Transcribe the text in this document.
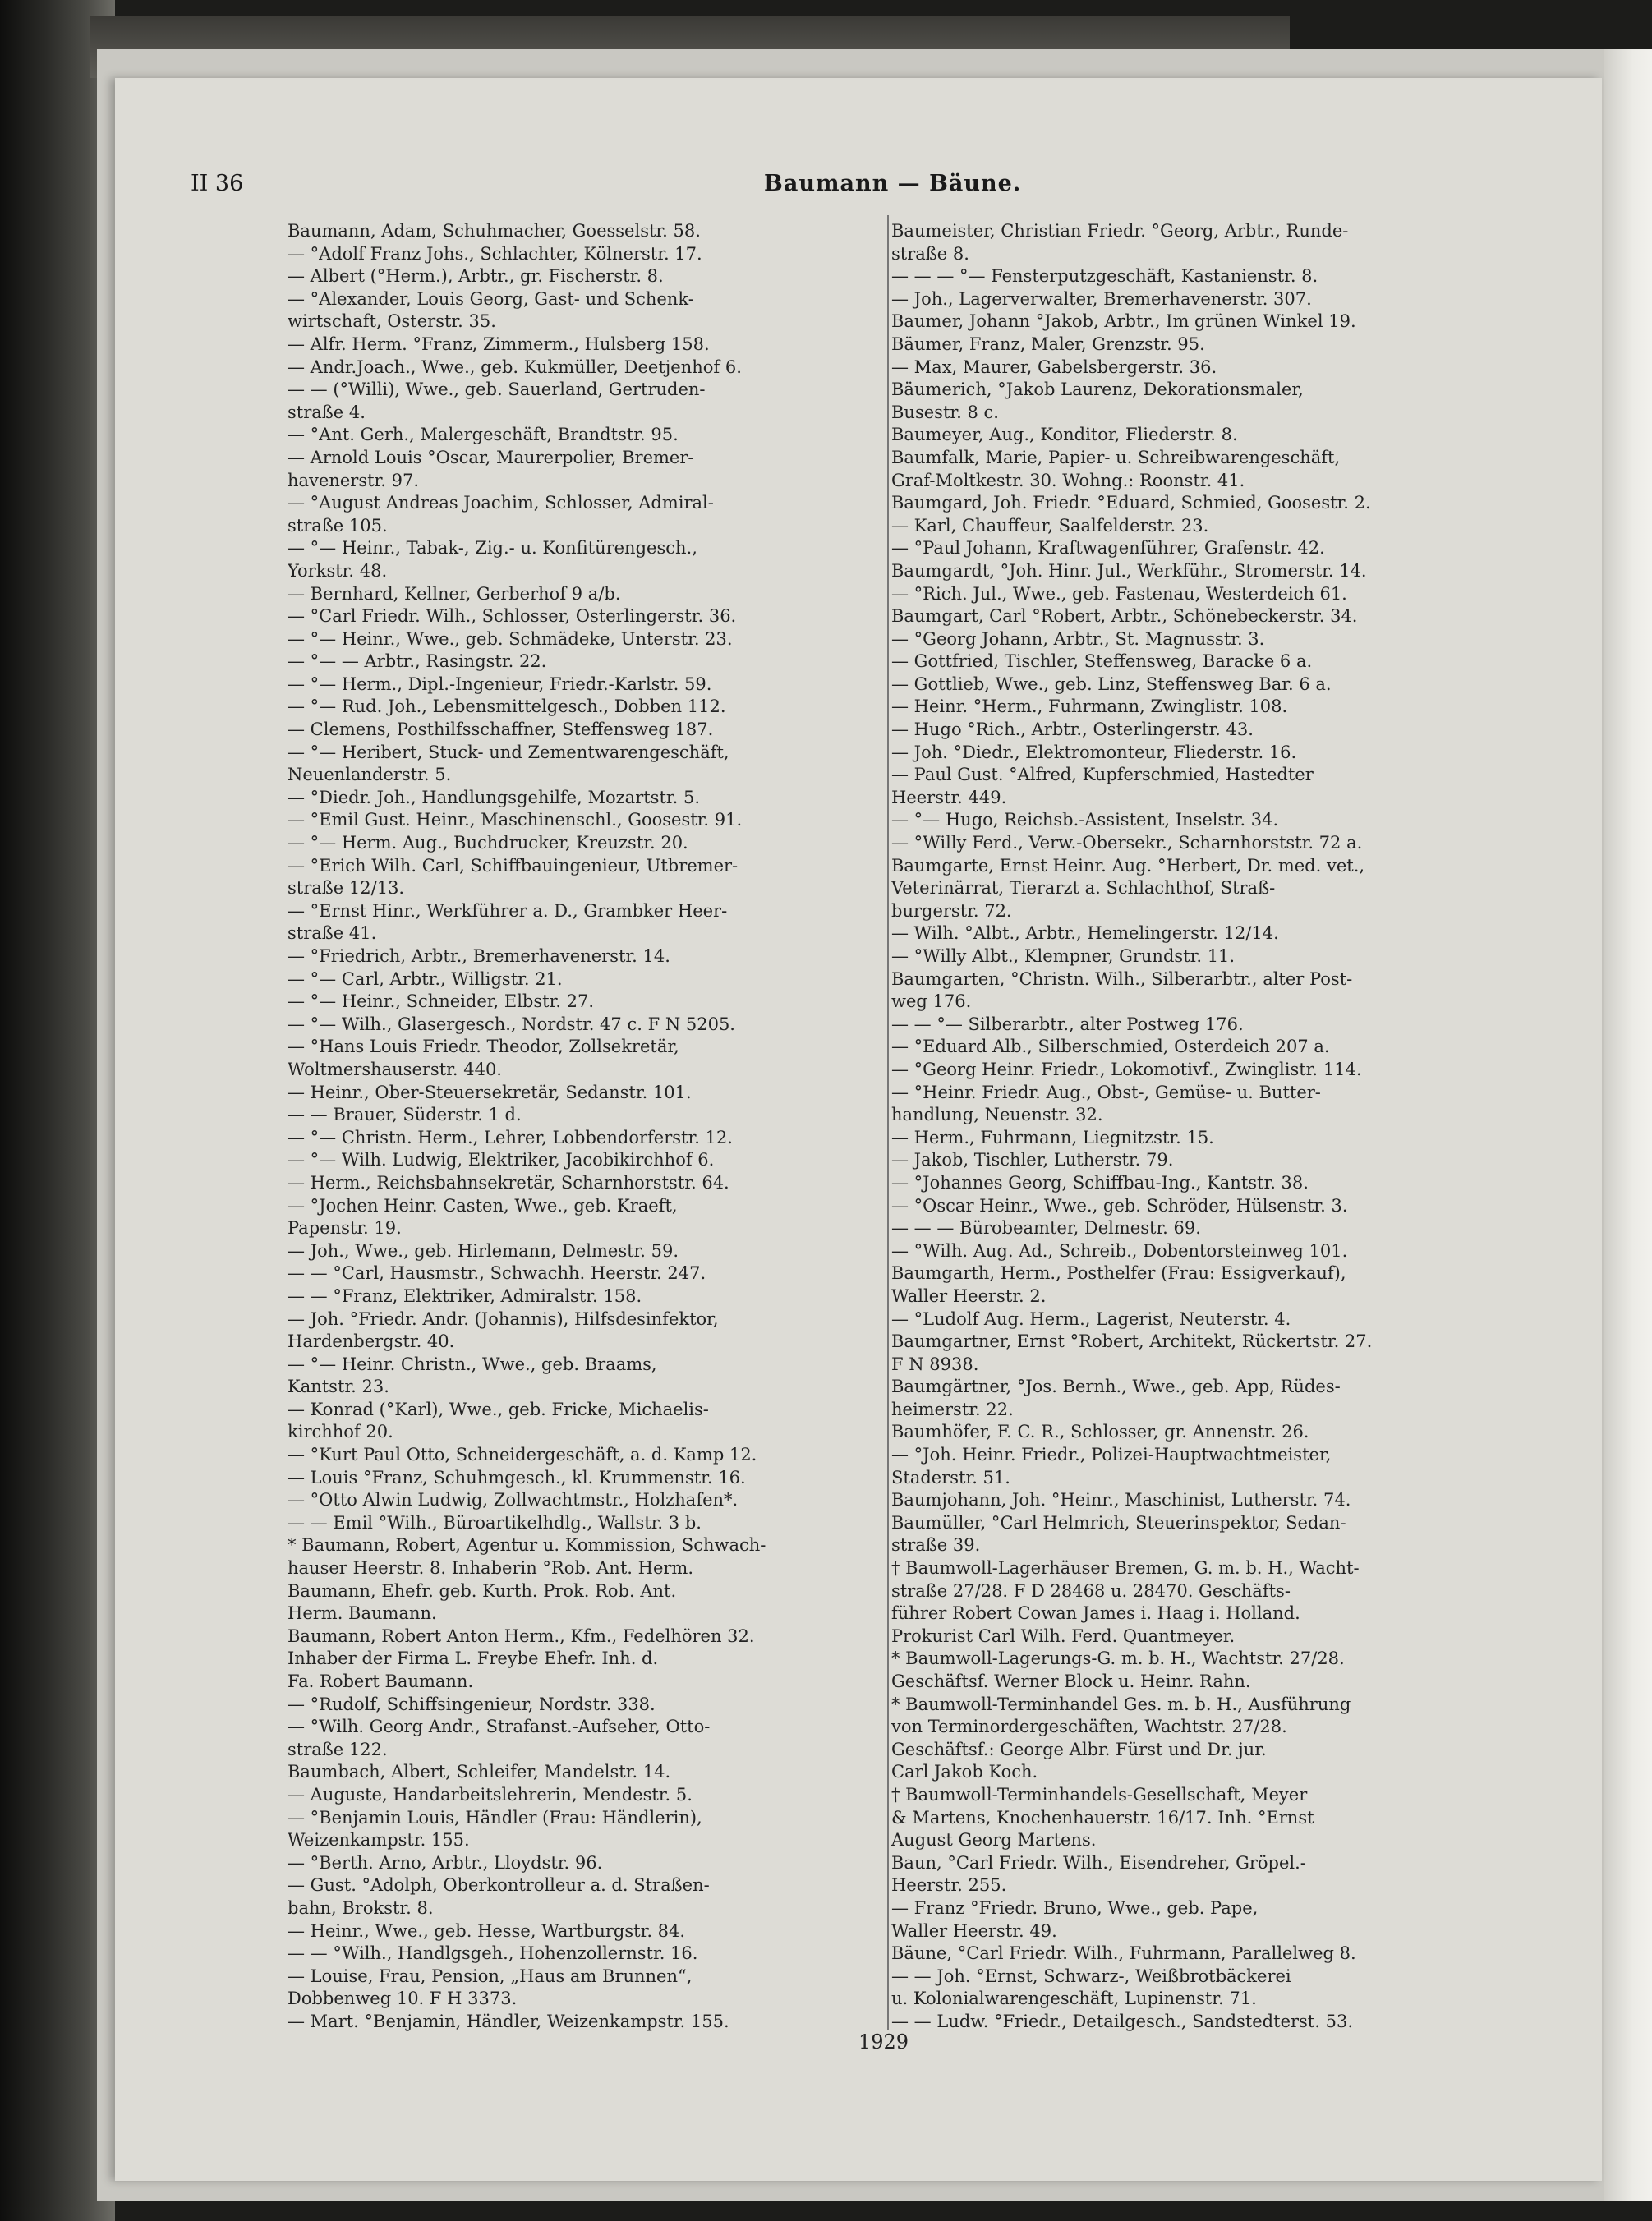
II 36	Baumann — Bäune.
Baumann, Adam, Schuhmacher, Goesselstr. 58.
— °Adolf Franz Johs., Schlachter, Kölnerstr. 17.
— Albert (°Herm.), Arbtr., gr. Fischerstr. 8.
— °Alexander, Louis Georg, Gast- und Schenk-
wirtschaft, Osterstr. 35.
— Alfr. Herm. °Franz, Zimmerm., Hulsberg 158.
— Andr.Joach., Wwe., geb. Kukmüller, Deetjenhof 6.
— — (°Willi), Wwe., geb. Sauerland, Gertruden-
straße 4.
— °Ant. Gerh., Malergeschäft, Brandtstr. 95.
— Arnold Louis °Oscar, Maurerpolier, Bremer-
havenerstr. 97.
— °August Andreas Joachim, Schlosser, Admiral-
straße 105.
— °— Heinr., Tabak-, Zig.- u. Konfitürengesch.,
Yorkstr. 48.
— Bernhard, Kellner, Gerberhof 9 a/b.
— °Carl Friedr. Wilh., Schlosser, Osterlingerstr. 36.
— °— Heinr., Wwe., geb. Schmädeke, Unterstr. 23.
— °— — Arbtr., Rasingstr. 22.
— °— Herm., Dipl.-Ingenieur, Friedr.-Karlstr. 59.
— °— Rud. Joh., Lebensmittelgesch., Dobben 112.
— Clemens, Posthilfsschaffner, Steffensweg 187.
— °— Heribert, Stuck- und Zementwarengeschäft,
Neuenlanderstr. 5.
— °Diedr. Joh., Handlungsgehilfe, Mozartstr. 5.
— °Emil Gust. Heinr., Maschinenschl., Goosestr. 91.
— °— Herm. Aug., Buchdrucker, Kreuzstr. 20.
— °Erich Wilh. Carl, Schiffbauingenieur, Utbremer-
straße 12/13.
— °Ernst Hinr., Werkführer a. D., Grambker Heer-
straße 41.
— °Friedrich, Arbtr., Bremerhavenerstr. 14.
— °— Carl, Arbtr., Willigstr. 21.
— °— Heinr., Schneider, Elbstr. 27.
— °— Wilh., Glasergesch., Nordstr. 47 c. F N 5205.
— °Hans Louis Friedr. Theodor, Zollsekretär,
Woltmershauserstr. 440.
— Heinr., Ober-Steuersekretär, Sedanstr. 101.
— — Brauer, Süderstr. 1 d.
— °— Christn. Herm., Lehrer, Lobbendorferstr. 12.
— °— Wilh. Ludwig, Elektriker, Jacobikirchhof 6.
— Herm., Reichsbahnsekretär, Scharnhorststr. 64.
— °Jochen Heinr. Casten, Wwe., geb. Kraeft,
Papenstr. 19.
— Joh., Wwe., geb. Hirlemann, Delmestr. 59.
— — °Carl, Hausmstr., Schwachh. Heerstr. 247.
— — °Franz, Elektriker, Admiralstr. 158.
— Joh. °Friedr. Andr. (Johannis), Hilfsdesinfektor,
Hardenbergstr. 40.
— °— Heinr. Christn., Wwe., geb. Braams,
Kantstr. 23.
— Konrad (°Karl), Wwe., geb. Fricke, Michaelis-
kirchhof 20.
— °Kurt Paul Otto, Schneidergeschäft, a. d. Kamp 12.
— Louis °Franz, Schuhmgesch., kl. Krummenstr. 16.
— °Otto Alwin Ludwig, Zollwachtmstr., Holzhafen*.
— — Emil °Wilh., Büroartikelhdlg., Wallstr. 3 b.
* Baumann, Robert, Agentur u. Kommission, Schwach-
hauser Heerstr. 8. Inhaberin °Rob. Ant. Herm.
Baumann, Ehefr. geb. Kurth. Prok. Rob. Ant.
Herm. Baumann.
Baumann, Robert Anton Herm., Kfm., Fedelhören 32.
Inhaber der Firma L. Freybe Ehefr. Inh. d.
Fa. Robert Baumann.
— °Rudolf, Schiffsingenieur, Nordstr. 338.
— °Wilh. Georg Andr., Strafanst.-Aufseher, Otto-
straße 122.
Baumbach, Albert, Schleifer, Mandelstr. 14.
— Auguste, Handarbeitslehrerin, Mendestr. 5.
— °Benjamin Louis, Händler (Frau: Händlerin),
Weizenkampstr. 155.
— °Berth. Arno, Arbtr., Lloydstr. 96.
— Gust. °Adolph, Oberkontrolleur a. d. Straßen-
bahn, Brokstr. 8.
— Heinr., Wwe., geb. Hesse, Wartburgstr. 84.
— — °Wilh., Handlgsgeh., Hohenzollernstr. 16.
— Louise, Frau, Pension, „Haus am Brunnen“,
Dobbenweg 10. F H 3373.
— Mart. °Benjamin, Händler, Weizenkampstr. 155.
Baumeister, Christian Friedr. °Georg, Arbtr., Runde-
straße 8.
— — — °— Fensterputzgeschäft, Kastanienstr. 8.
— Joh., Lagerverwalter, Bremerhavenerstr. 307.
Baumer, Johann °Jakob, Arbtr., Im grünen Winkel 19.
Bäumer, Franz, Maler, Grenzstr. 95.
— Max, Maurer, Gabelsbergerstr. 36.
Bäumerich, °Jakob Laurenz, Dekorationsmaler,
Busestr. 8 c.
Baumeyer, Aug., Konditor, Fliederstr. 8.
Baumfalk, Marie, Papier- u. Schreibwarengeschäft,
Graf-Moltkestr. 30. Wohng.: Roonstr. 41.
Baumgard, Joh. Friedr. °Eduard, Schmied, Goosestr. 2.
— Karl, Chauffeur, Saalfelderstr. 23.
— °Paul Johann, Kraftwagenführer, Grafenstr. 42.
Baumgardt, °Joh. Hinr. Jul., Werkführ., Stromerstr. 14.
— °Rich. Jul., Wwe., geb. Fastenau, Westerdeich 61.
Baumgart, Carl °Robert, Arbtr., Schönebeckerstr. 34.
— °Georg Johann, Arbtr., St. Magnusstr. 3.
— Gottfried, Tischler, Steffensweg, Baracke 6 a.
— Gottlieb, Wwe., geb. Linz, Steffensweg Bar. 6 a.
— Heinr. °Herm., Fuhrmann, Zwinglistr. 108.
— Hugo °Rich., Arbtr., Osterlingerstr. 43.
— Joh. °Diedr., Elektromonteur, Fliederstr. 16.
— Paul Gust. °Alfred, Kupferschmied, Hastedter
Heerstr. 449.
— °— Hugo, Reichsb.-Assistent, Inselstr. 34.
— °Willy Ferd., Verw.-Obersekr., Scharnhorststr. 72 a.
Baumgarte, Ernst Heinr. Aug. °Herbert, Dr. med. vet.,
Veterinärrat, Tierarzt a. Schlachthof, Straß-
burgerstr. 72.
— Wilh. °Albt., Arbtr., Hemelingerstr. 12/14.
— °Willy Albt., Klempner, Grundstr. 11.
Baumgarten, °Christn. Wilh., Silberarbtr., alter Post-
weg 176.
— — °— Silberarbtr., alter Postweg 176.
— °Eduard Alb., Silberschmied, Osterdeich 207 a.
— °Georg Heinr. Friedr., Lokomotivf., Zwinglistr. 114.
— °Heinr. Friedr. Aug., Obst-, Gemüse- u. Butter-
handlung, Neuenstr. 32.
— Herm., Fuhrmann, Liegnitzstr. 15.
— Jakob, Tischler, Lutherstr. 79.
— °Johannes Georg, Schiffbau-Ing., Kantstr. 38.
— °Oscar Heinr., Wwe., geb. Schröder, Hülsenstr. 3.
— — — Bürobeamter, Delmestr. 69.
— °Wilh. Aug. Ad., Schreib., Dobentorsteinweg 101.
Baumgarth, Herm., Posthelfer (Frau: Essigverkauf),
Waller Heerstr. 2.
— °Ludolf Aug. Herm., Lagerist, Neuterstr. 4.
Baumgartner, Ernst °Robert, Architekt, Rückertstr. 27.
F N 8938.
Baumgärtner, °Jos. Bernh., Wwe., geb. App, Rüdes-
heimerstr. 22.
Baumhöfer, F. C. R., Schlosser, gr. Annenstr. 26.
— °Joh. Heinr. Friedr., Polizei-Hauptwachtmeister,
Staderstr. 51.
Baumjohann, Joh. °Heinr., Maschinist, Lutherstr. 74.
Baumüller, °Carl Helmrich, Steuerinspektor, Sedan-
straße 39.
† Baumwoll-Lagerhäuser Bremen, G. m. b. H., Wacht-
straße 27/28. F D 28468 u. 28470. Geschäfts-
führer Robert Cowan James i. Haag i. Holland.
Prokurist Carl Wilh. Ferd. Quantmeyer.
* Baumwoll-Lagerungs-G. m. b. H., Wachtstr. 27/28.
Geschäftsf. Werner Block u. Heinr. Rahn.
* Baumwoll-Terminhandel Ges. m. b. H., Ausführung
von Terminordergeschäften, Wachtstr. 27/28.
Geschäftsf.: George Albr. Fürst und Dr. jur.
Carl Jakob Koch.
† Baumwoll-Terminhandels-Gesellschaft, Meyer
& Martens, Knochenhauerstr. 16/17. Inh. °Ernst
August Georg Martens.
Baun, °Carl Friedr. Wilh., Eisendreher, Gröpel.-
Heerstr. 255.
— Franz °Friedr. Bruno, Wwe., geb. Pape,
Waller Heerstr. 49.
Bäune, °Carl Friedr. Wilh., Fuhrmann, Parallelweg 8.
— — Joh. °Ernst, Schwarz-, Weißbrotbäckerei
u. Kolonialwarengeschäft, Lupinenstr. 71.
— — Ludw. °Friedr., Detailgesch., Sandstedterst. 53.
1929
